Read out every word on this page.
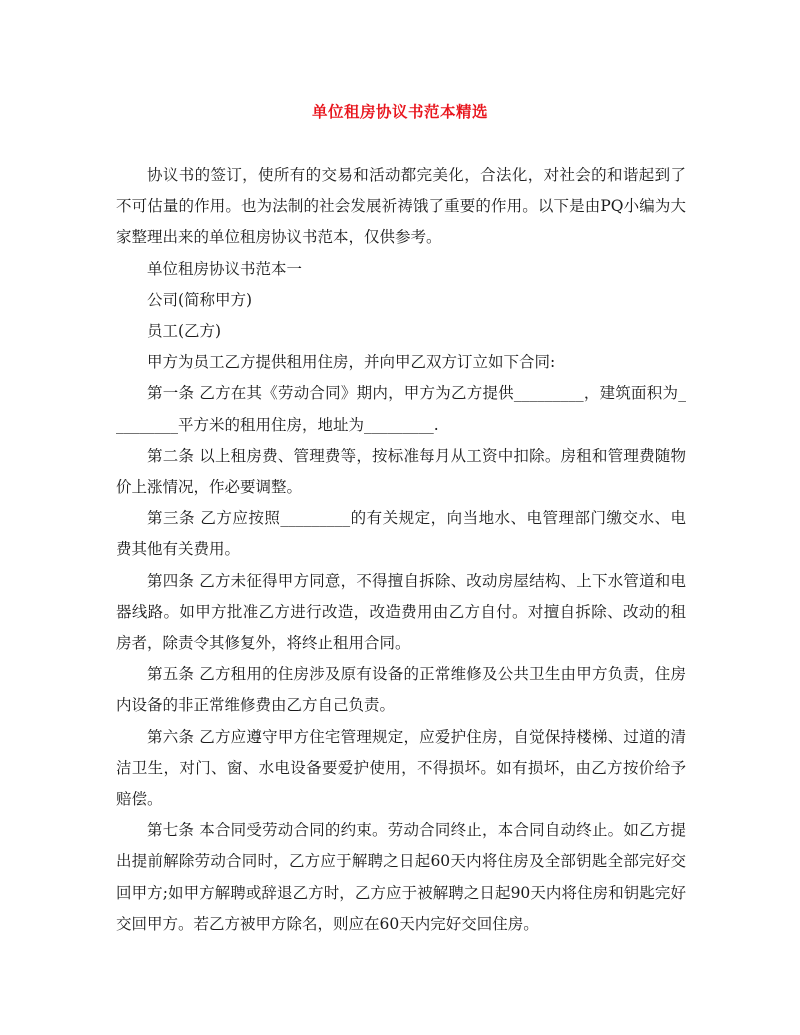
单位租房协议书范本精选

协议书的签订，使所有的交易和活动都完美化，合法化，对社会的和谐起到了不可估量的作用。也为法制的社会发展祈祷饿了重要的作用。以下是由PQ小编为大家整理出来的单位租房协议书范本，仅供参考。

单位租房协议书范本一

公司(简称甲方)

员工(乙方)

甲方为员工乙方提供租用住房，并向甲乙双方订立如下合同:

第一条 乙方在其《劳动合同》期内，甲方为乙方提供_________，建筑面积为_________平方米的租用住房，地址为_________.

第二条 以上租房费、管理费等，按标准每月从工资中扣除。房租和管理费随物价上涨情况，作必要调整。

第三条 乙方应按照_________的有关规定，向当地水、电管理部门缴交水、电费其他有关费用。

第四条 乙方未征得甲方同意，不得擅自拆除、改动房屋结构、上下水管道和电器线路。如甲方批准乙方进行改造，改造费用由乙方自付。对擅自拆除、改动的租房者，除责令其修复外，将终止租用合同。

第五条 乙方租用的住房涉及原有设备的正常维修及公共卫生由甲方负责，住房内设备的非正常维修费由乙方自己负责。

第六条 乙方应遵守甲方住宅管理规定，应爱护住房，自觉保持楼梯、过道的清洁卫生，对门、窗、水电设备要爱护使用，不得损坏。如有损坏，由乙方按价给予赔偿。

第七条 本合同受劳动合同的约束。劳动合同终止，本合同自动终止。如乙方提出提前解除劳动合同时，乙方应于解聘之日起60天内将住房及全部钥匙全部完好交回甲方;如甲方解聘或辞退乙方时，乙方应于被解聘之日起90天内将住房和钥匙完好交回甲方。若乙方被甲方除名，则应在60天内完好交回住房。
